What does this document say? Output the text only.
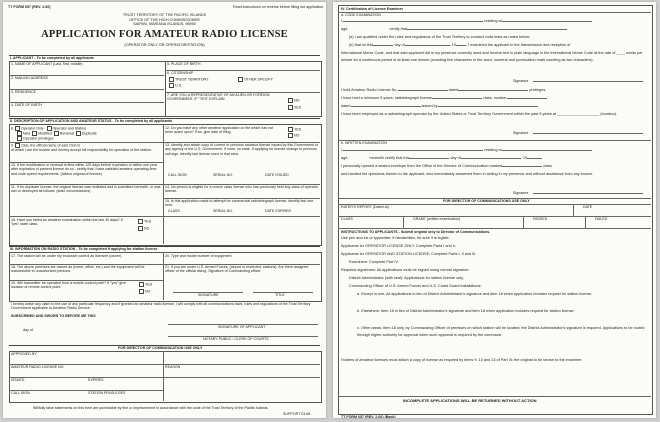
TT FORM 657 (REV. 2-66)	Read instructions on reverse before filling out application.
TRUST TERRITORY OF THE PACIFIC ISLANDS
OFFICE OF THE HIGH COMMISSIONER
SAIPAN, MARIANA ISLANDS, 96950
APPLICATION FOR AMATEUR RADIO LICENSE
(OPERATOR ONLY OR OPERATOR/STATION)
I. APPLICANT - To be completed by all applicants
1. NAME OF APPLICANT (Last, first, middle)
2. MAILING ADDRESS
3. RESIDENCE
4. DATE OF BIRTH
5. PLACE OF BIRTH
6. CITIZENSHIP
TRUST TERRITORY	OTHER SPECIFY
U.S.
7. ARE YOU A REPRESENTATIVE OF AN ALIEN OR FOREIGN GOVERNMENT, IF "YES" EXPLAIN	NO
YES
II. DESCRIPTION OF APPLICATION AND AMATEUR STATUS - To be completed by all applicants
8. Operator Only	Operator and Station
New Modified Renewal Duplicate
Operator privileges
9. Club, the official name of said Club is
of which I am the trustee and hereby accept full responsibility for operation of the station.
10. If the modification or renewal is filed within 120 days before expiration or within one year after expiration of present license do so - certify that I have satisfied amateur operating time and code speed requirements. (Attach original of license)
11. If for duplicate license, the original license was mutilated and is submitted herewith, or was lost or destroyed as follows: (state circumstances)
16. Have you failed an amateur examination within the last 30 days? If "yes" state class.
YES
NO
12. Do you have any other amateur application on file which has not been acted upon? If so, give date of filing.
YES
NO
13. Identify and attach copy of current or previous amateur license issued by this Government or any agency of the U.S. Government. If none, so state. If applying for license change to previous call sign, identify last license used in that area.
CALL SIGN	SERIAL NO.	DATE ISSUED
14. No person is eligible for a novice class license who has previously held any class of operator license.
15. Is this application made to attempt for commercial radiotelegraph license, identify last one held.
CLASS	SERIAL NO.	DATE EXPIRED
III. INFORMATION ON RADIO STATION - To be completed if applying for station license
17. The station will be under my exclusive control as licensee (owner)
18. The above premises are owned as (home, office, etc.) and the equipment will be inaccessible to unauthorized persons.
19. Will transmitter be operated from a mobile control point? If "yes" give location of remote control point.
YES
NO
20. Type and model number of equipment
21. If you are under U.S. Armed Forces, (airport or restricted, stations), Are there assigned officer of the official diving. Signature of Commanding officer
SIGNATURE	TITLE
I hereby waive any claim to the use of any particular frequency and if granted an amateur radio license, I will comply with all communications laws, rules and regulations of the Trust Territory Government applicable to Amateur Radio Service.
SUBSCRIBED AND SWORN TO BEFORE ME THIS
SIGNATURE OF APPLICANT
day of
NOTARY PUBLIC / CLERK OF COURTS
FOR DIRECTOR OF COMMUNICATION USE ONLY
APPROVED BY
AMATEUR RADIO LICENSE NO.	REASON
ISSUED	EXPIRES
CALL SIGN	STATION PRIVILEGES
Willfully false statements on this form are punishable by fine or imprisonment in accordance with the code of the Trust Territory of the Pacific Islands.
SUPPORT 03-68
IV. Certification of License Examiner
a. CODE EXAMINATION
I,	residing at
age,	certify that
(a) I am qualified under the rules and regulations of the Trust Territory to conduct code tests as noted below;
(b) that on this	day of	, 19	, I examined the applicant in the transmission and reception of
International Morse Code, and that said applicant did in my presence correctly send and receive text in plain language in the International Morse Code at the rate of ____ words per minute for a continuous period of at least one minute (counting five characters to the word, numeral and punctuation mark counting as two characters).
Signature
I hold Amateur Radio License No.	dated	privileges.
I have held a minimum 5 years, radiotelegraph license	class, number
dated	issued by
I have been employed as a radiotelegraph operator by the United States or Trust Territory Government within the past 5 years at ____________________ (location).
Signature
b. WRITTEN EXAMINATION
I,	residing at
age,	herewith certify that this	day of	, 19
I personally opened a sealed envelope from the Office of the Director of Communication marked	class
and handed the questions therein to the applicant, who immediately answered them in writing in my presence and without assistance from any source.
Signature
FOR DIRECTOR OF COMMUNICATIONS USE ONLY
RATER'S REPORT (Dated at)	DATE
CLASS	GRADE (written examination)	PASSED	FAILED
INSTRUCTIONS TO APPLICANTS - Submit original only to Director of Communications.
Use pen and ink or typewriter; if handwritten, be sure it is legible.
Applicants for OPERATOR LICENSE ONLY, Complete Parts I and II.
Applicants for OPERATOR AND STATION LICENSE; Complete Parts I, II and III.
Examiners: Complete Part IV.
Required signatures: All applications must be signed using normal signature.
District Administrator (with seal): Applications for station license only.
Commanding Officer of U.S. Armed Forces and U.S. Coast Guard installations:
a. Except in one: All applications in lieu of District Administrator's signature and item 18 when application includes request for station license.
b. Elsewhere: Item 18 in lieu of District Administrator's signature and item 18 when application includes request for station license.
c. Other areas: Item 18 only, by Commanding Officer of premises on which station will be located; the District Administrator's signature is required. Applications to be routed through higher authority for approval when such approval is required by the command.
Holders of amateur licenses must attach a copy of license as required by items 9, 10 and 13 of Part III; the original to be shown to the examiner.
INCOMPLETE APPLICATIONS WILL BE RETURNED WITHOUT ACTION
TT FORM 657 (REV. 2-66) (Back)
